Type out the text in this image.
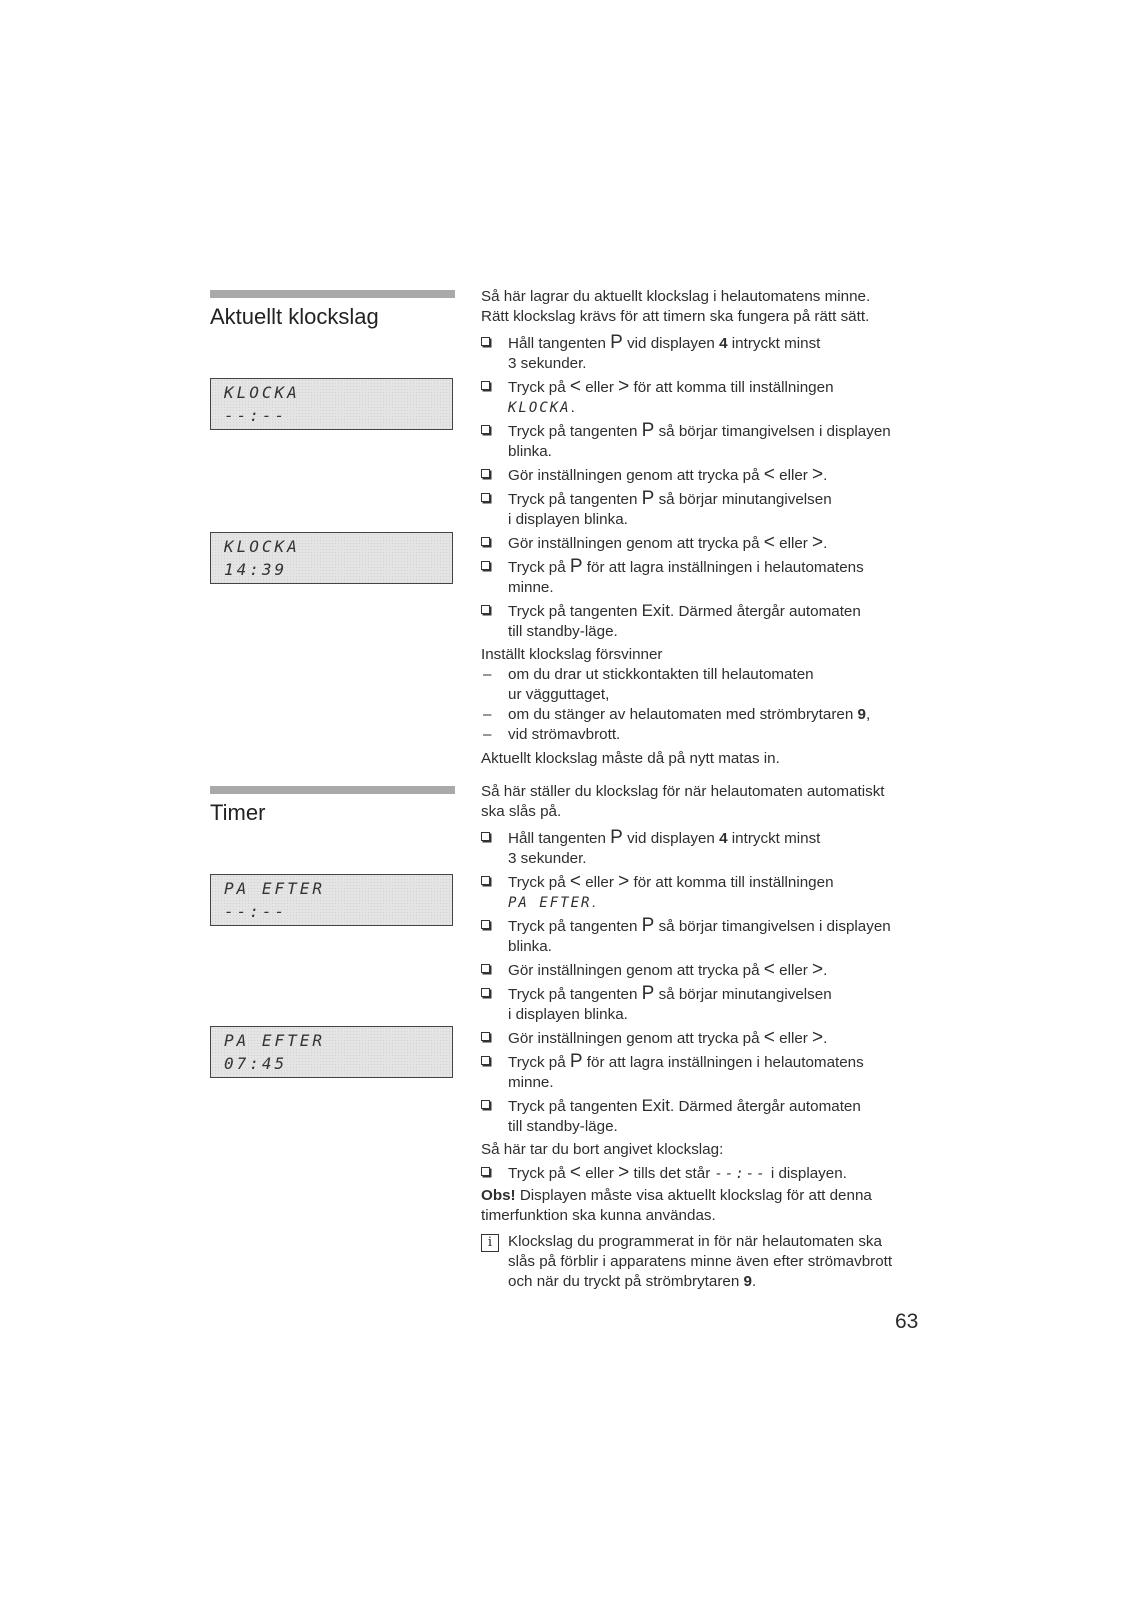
Aktuellt klockslag
KLOCKA
--:--
KLOCKA
14:39
Så här lagrar du aktuellt klockslag i helautomatens minne.
Rätt klockslag krävs för att timern ska fungera på rätt sätt.
Håll tangenten P vid displayen 4 intryckt minst
3 sekunder.
Tryck på < eller > för att komma till inställningen
KLOCKA.
Tryck på tangenten P så börjar timangivelsen i displayen
blinka.
Gör inställningen genom att trycka på < eller >.
Tryck på tangenten P så börjar minutangivelsen
i displayen blinka.
Gör inställningen genom att trycka på < eller >.
Tryck på P för att lagra inställningen i helautomatens
minne.
Tryck på tangenten Exit. Därmed återgår automaten
till standby-läge.
Inställt klockslag försvinner
– om du drar ut stickkontakten till helautomaten
ur vägguttaget,
– om du stänger av helautomaten med strömbrytaren 9,
– vid strömavbrott.
Aktuellt klockslag måste då på nytt matas in.
Timer
PA EFTER
--:--
PA EFTER
07:45
Så här ställer du klockslag för när helautomaten automatiskt
ska slås på.
Håll tangenten P vid displayen 4 intryckt minst
3 sekunder.
Tryck på < eller > för att komma till inställningen
PA EFTER.
Tryck på tangenten P så börjar timangivelsen i displayen
blinka.
Gör inställningen genom att trycka på < eller >.
Tryck på tangenten P så börjar minutangivelsen
i displayen blinka.
Gör inställningen genom att trycka på < eller >.
Tryck på P för att lagra inställningen i helautomatens
minne.
Tryck på tangenten Exit. Därmed återgår automaten
till standby-läge.
Så här tar du bort angivet klockslag:
Tryck på < eller > tills det står --:-- i displayen.
Obs! Displayen måste visa aktuellt klockslag för att denna
timerfunktion ska kunna användas.
i	Klockslag du programmerat in för när helautomaten ska
slås på förblir i apparatens minne även efter strömavbrott
och när du tryckt på strömbrytaren 9.
63
